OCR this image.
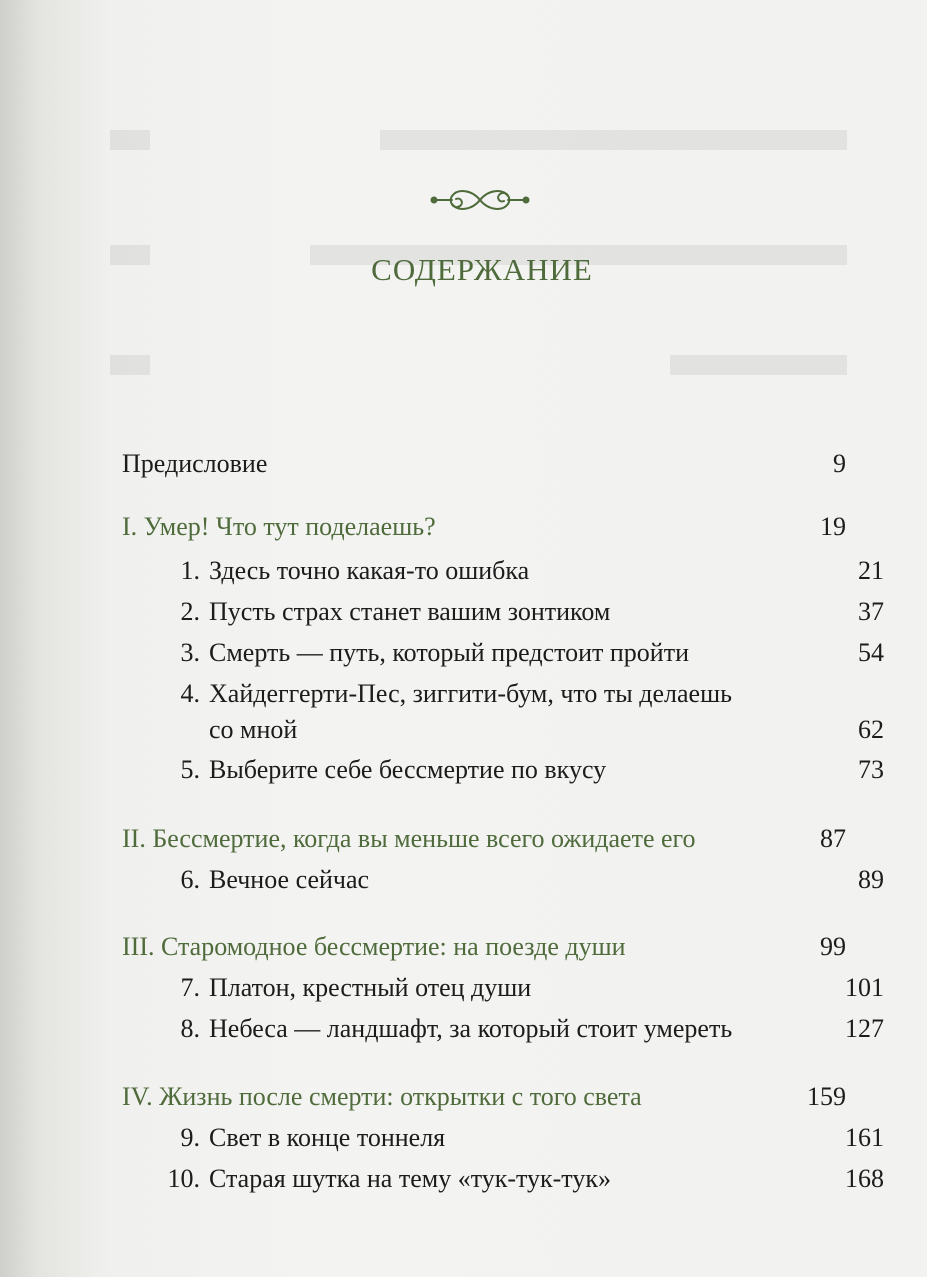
СОДЕРЖАНИЕ
Предисловие	9
I. Умер! Что тут поделаешь?	19
1. Здесь точно какая-то ошибка	21
2. Пусть страх станет вашим зонтиком	37
3. Смерть — путь, который предстоит пройти	54
4. Хайдеггерти-Пес, зиггити-бум, что ты делаешь
со мной	62
5. Выберите себе бессмертие по вкусу	73
II. Бессмертие, когда вы меньше всего ожидаете его	87
6. Вечное сейчас	89
III. Старомодное бессмертие: на поезде души	99
7. Платон, крестный отец души	101
8. Небеса — ландшафт, за который стоит умереть	127
IV. Жизнь после смерти: открытки с того света	159
9. Свет в конце тоннеля	161
10. Старая шутка на тему «тук-тук-тук»	168
